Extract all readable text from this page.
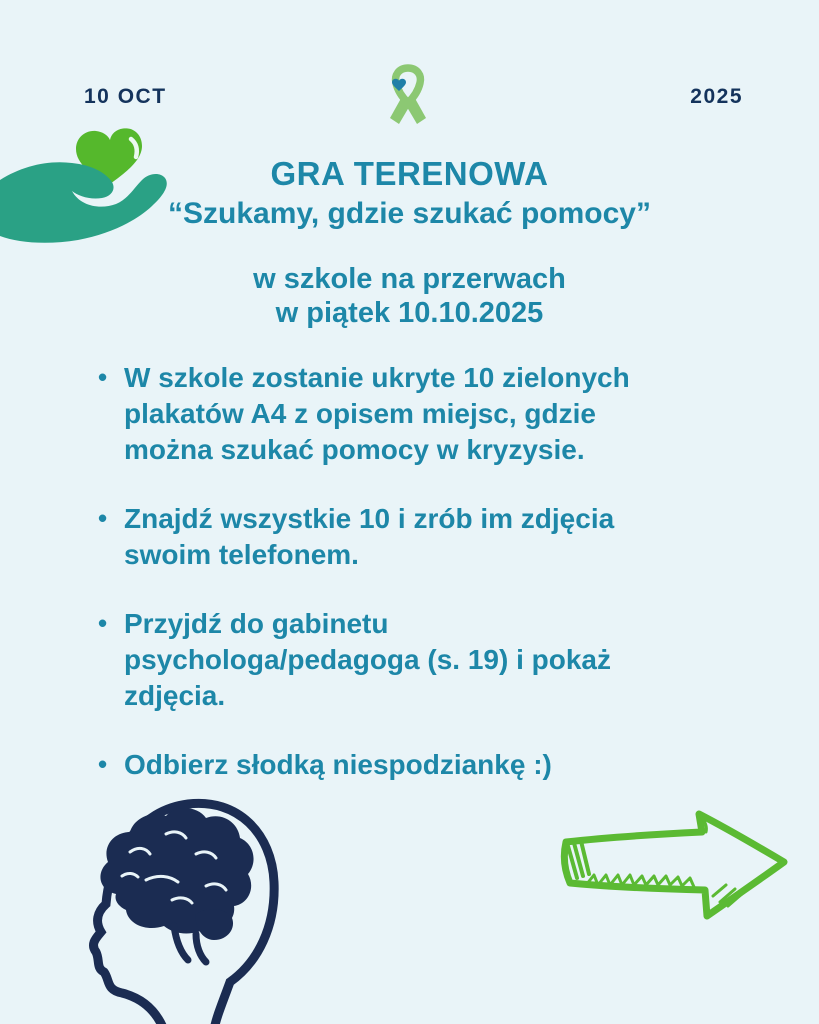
10 OCT	2025
GRA TERENOWA
“Szukamy, gdzie szukać pomocy”
w szkole na przerwach
w piątek 10.10.2025
• W szkole zostanie ukryte 10 zielonych
plakatów A4 z opisem miejsc, gdzie
można szukać pomocy w kryzysie.
• Znajdź wszystkie 10 i zrób im zdjęcia
swoim telefonem.
• Przyjdź do gabinetu
psychologa/pedagoga (s. 19) i pokaż
zdjęcia.
• Odbierz słodką niespodziankę :)
